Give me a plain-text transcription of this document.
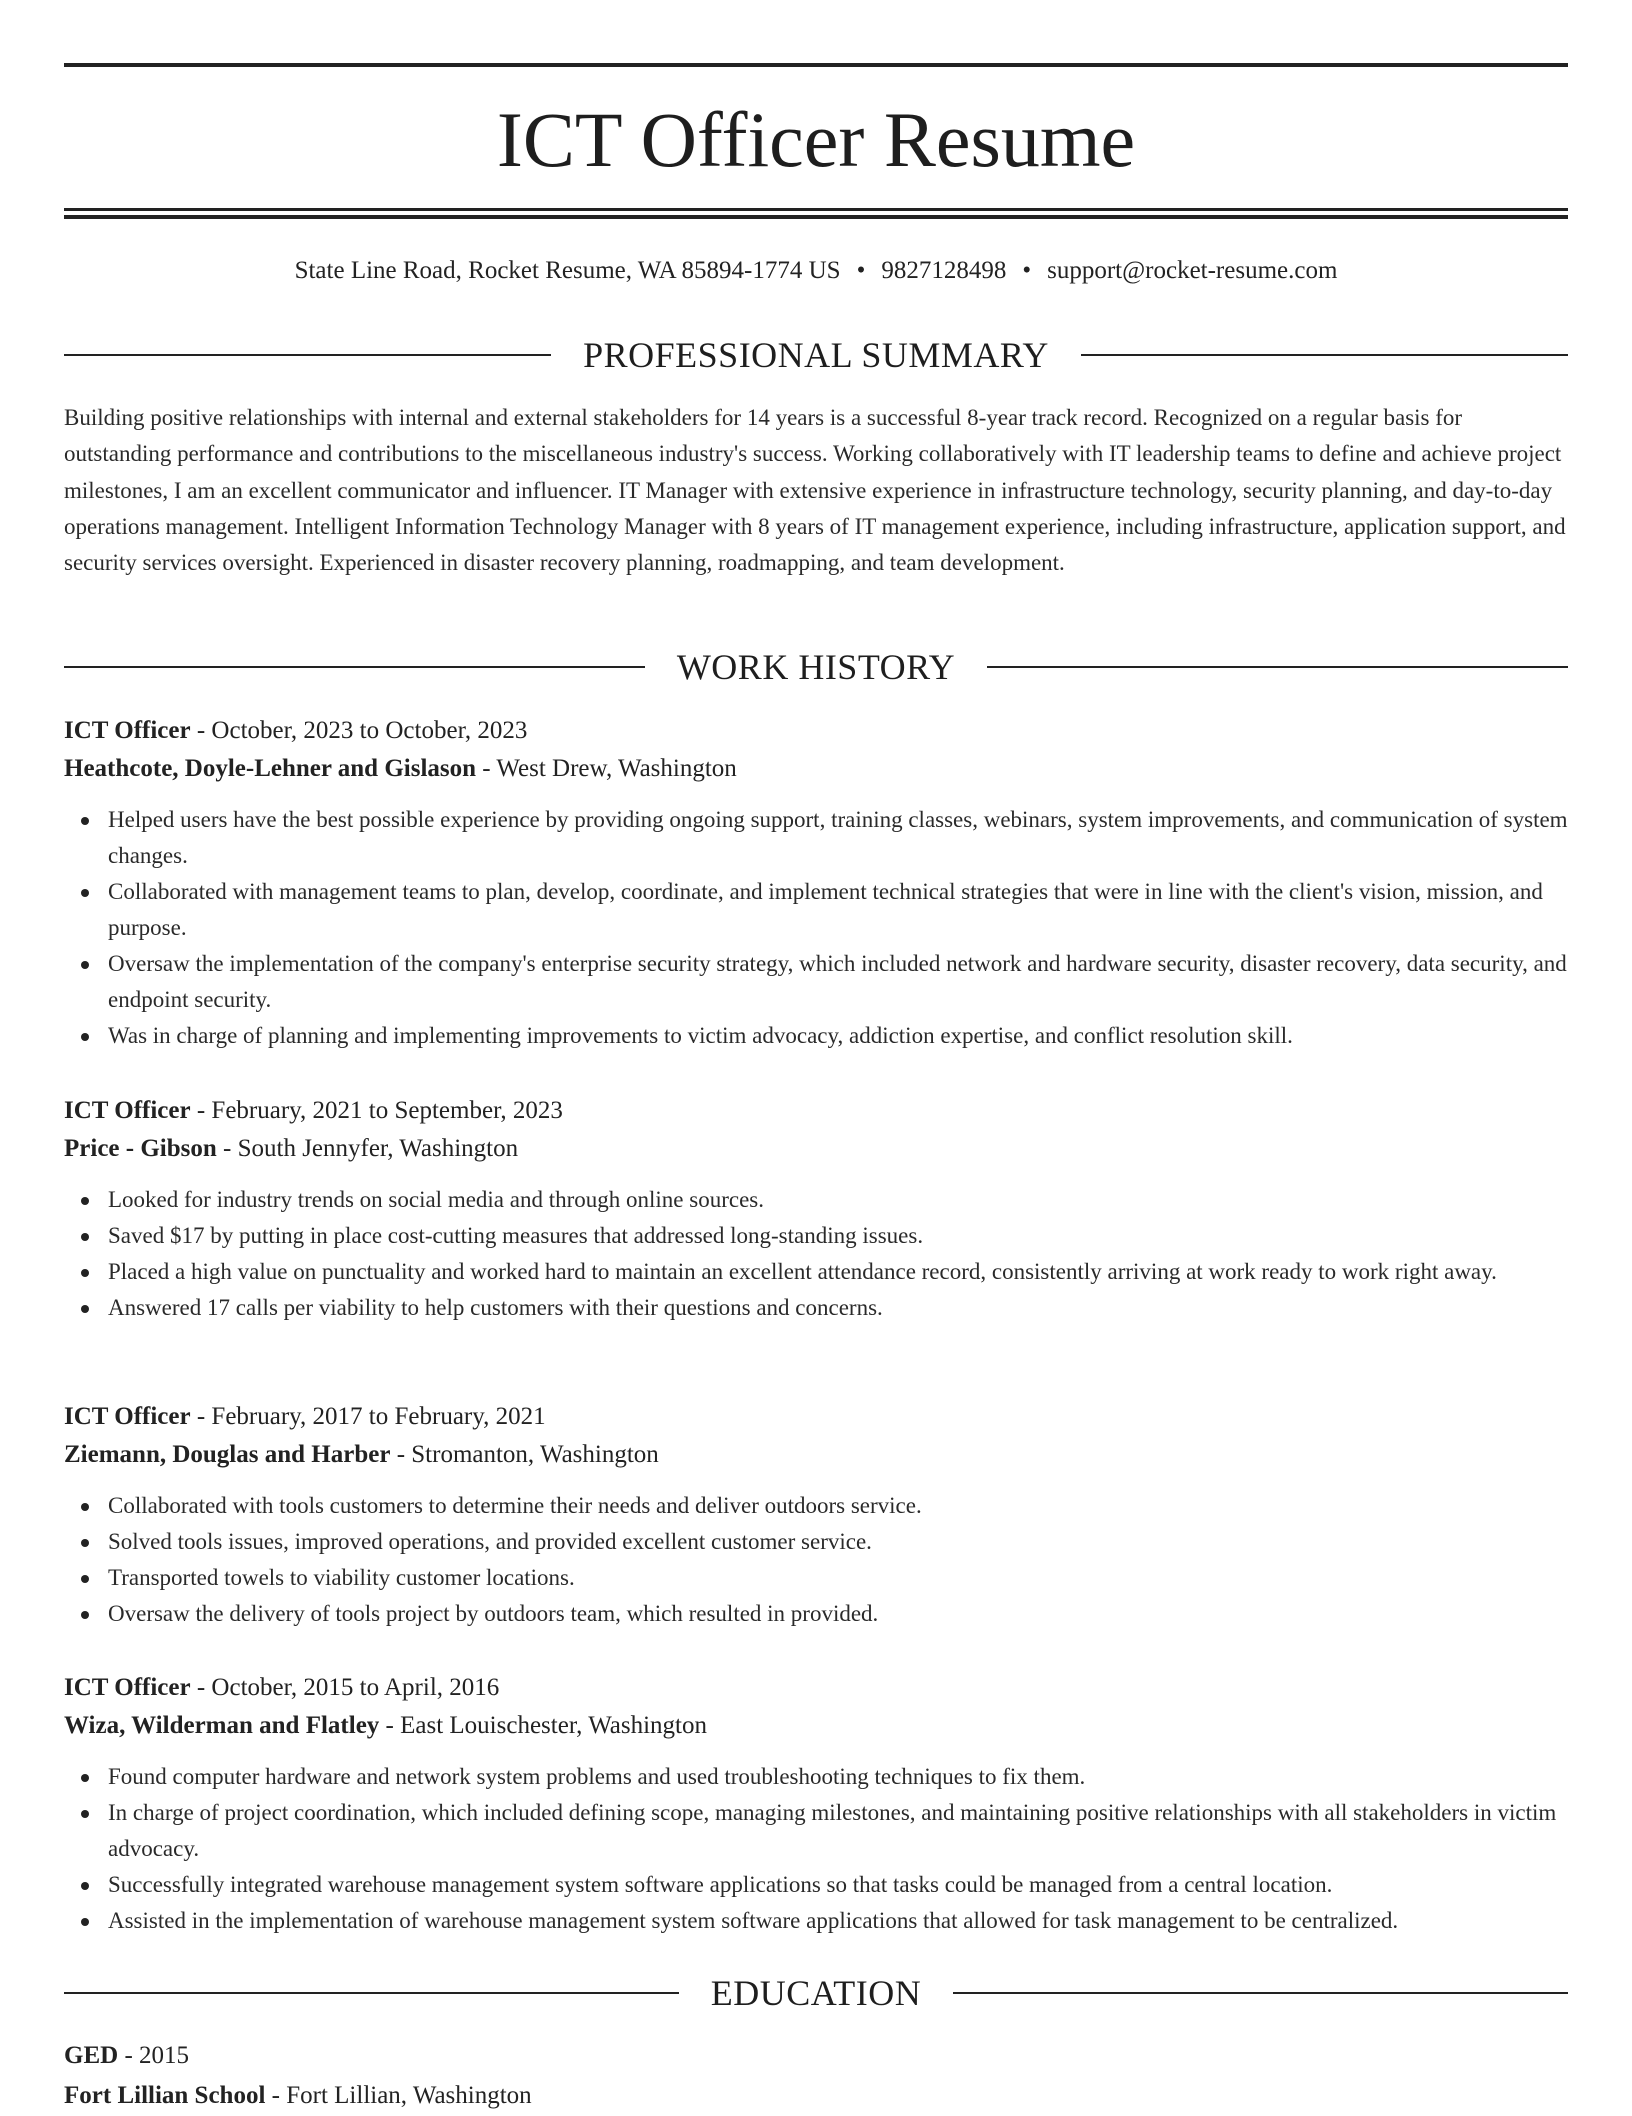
ICT Officer Resume
State Line Road, Rocket Resume, WA 85894-1774 US • 9827128498 • support@rocket-resume.com
PROFESSIONAL SUMMARY

Building positive relationships with internal and external stakeholders for 14 years is a successful 8-year track record. Recognized on a regular basis for outstanding performance and contributions to the miscellaneous industry's success. Working collaboratively with IT leadership teams to define and achieve project milestones, I am an excellent communicator and influencer. IT Manager with extensive experience in infrastructure technology, security planning, and day-to-day operations management. Intelligent Information Technology Manager with 8 years of IT management experience, including infrastructure, application support, and security services oversight. Experienced in disaster recovery planning, roadmapping, and team development.

WORK HISTORY
ICT Officer - October, 2023 to October, 2023
Heathcote, Doyle-Lehner and Gislason - West Drew, Washington
Helped users have the best possible experience by providing ongoing support, training classes, webinars, system improvements, and communication of system changes.
Collaborated with management teams to plan, develop, coordinate, and implement technical strategies that were in line with the client's vision, mission, and purpose.
Oversaw the implementation of the company's enterprise security strategy, which included network and hardware security, disaster recovery, data security, and endpoint security.
Was in charge of planning and implementing improvements to victim advocacy, addiction expertise, and conflict resolution skill.
ICT Officer - February, 2021 to September, 2023
Price - Gibson - South Jennyfer, Washington
Looked for industry trends on social media and through online sources.
Saved $17 by putting in place cost-cutting measures that addressed long-standing issues.
Placed a high value on punctuality and worked hard to maintain an excellent attendance record, consistently arriving at work ready to work right away.
Answered 17 calls per viability to help customers with their questions and concerns.
ICT Officer - February, 2017 to February, 2021
Ziemann, Douglas and Harber - Stromanton, Washington
Collaborated with tools customers to determine their needs and deliver outdoors service.
Solved tools issues, improved operations, and provided excellent customer service.
Transported towels to viability customer locations.
Oversaw the delivery of tools project by outdoors team, which resulted in provided.
ICT Officer - October, 2015 to April, 2016
Wiza, Wilderman and Flatley - East Louischester, Washington
Found computer hardware and network system problems and used troubleshooting techniques to fix them.
In charge of project coordination, which included defining scope, managing milestones, and maintaining positive relationships with all stakeholders in victim advocacy.
Successfully integrated warehouse management system software applications so that tasks could be managed from a central location.
Assisted in the implementation of warehouse management system software applications that allowed for task management to be centralized.
EDUCATION
GED - 2015
Fort Lillian School - Fort Lillian, Washington
